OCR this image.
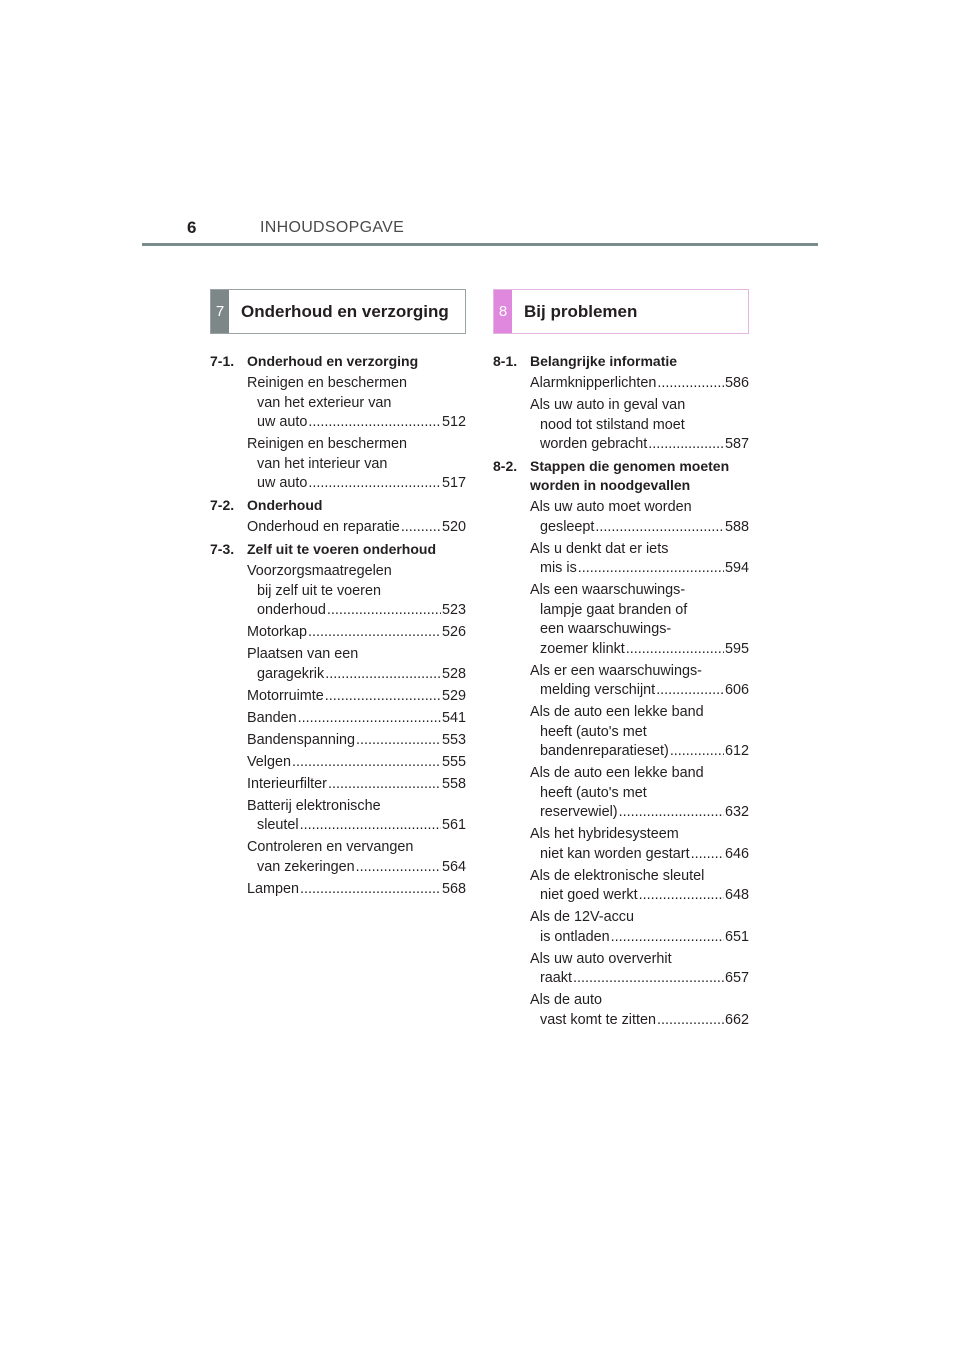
6	INHOUDSOPGAVE
7 Onderhoud en verzorging
7-1. Onderhoud en verzorging
Reinigen en beschermen
van het exterieur van
uw auto .....	512
Reinigen en beschermen
van het interieur van
uw auto .....	517
7-2. Onderhoud
Onderhoud en reparatie .....	520
7-3. Zelf uit te voeren onderhoud
Voorzorgsmaatregelen
bij zelf uit te voeren
onderhoud .....	523
Motorkap .....	526
Plaatsen van een
garagekrik .....	528
Motorruimte .....	529
Banden .....	541
Bandenspanning .....	553
Velgen .....	555
Interieurfilter .....	558
Batterij elektronische
sleutel .....	561
Controleren en vervangen
van zekeringen .....	564
Lampen .....	568
8 Bij problemen
8-1. Belangrijke informatie
Alarmknipperlichten .....	586
Als uw auto in geval van
nood tot stilstand moet
worden gebracht .....	587
8-2. Stappen die genomen moeten worden in noodgevallen
Als uw auto moet worden
gesleept .....	588
Als u denkt dat er iets
mis is .....	594
Als een waarschuwings-
lampje gaat branden of
een waarschuwings-
zoemer klinkt .....	595
Als er een waarschuwings-
melding verschijnt .....	606
Als de auto een lekke band
heeft (auto's met
bandenreparatieset) .....	612
Als de auto een lekke band
heeft (auto's met
reservewiel) .....	632
Als het hybridesysteem
niet kan worden gestart ..... 646
Als de elektronische sleutel
niet goed werkt .....	648
Als de 12V-accu
is ontladen .....	651
Als uw auto oververhit
raakt .....	657
Als de auto
vast komt te zitten .....	662
